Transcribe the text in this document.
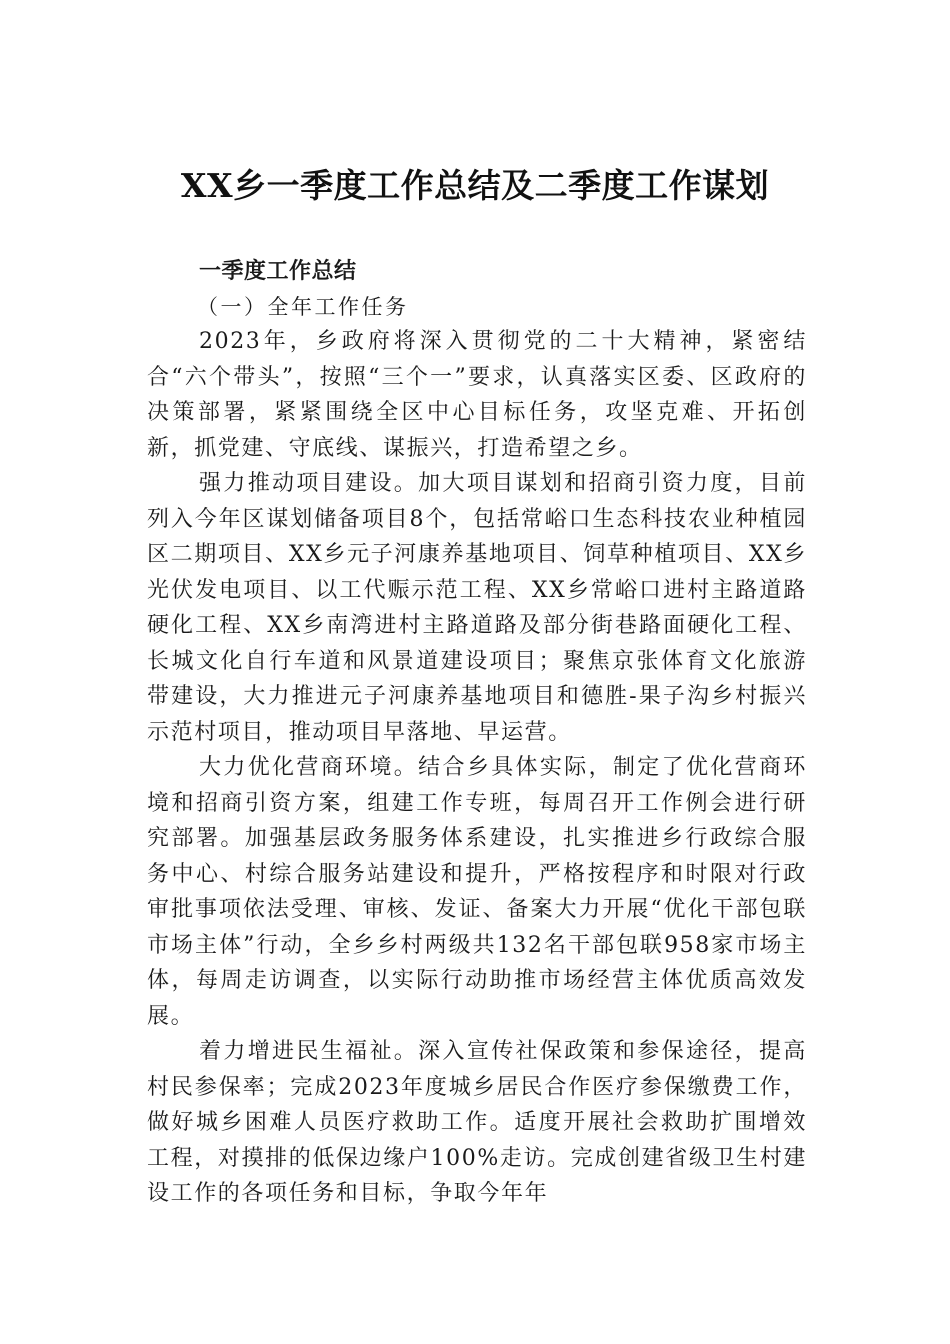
XX乡一季度工作总结及二季度工作谋划

一季度工作总结

（一）全年工作任务

2023年，乡政府将深入贯彻党的二十大精神，紧密结合“六个带头”，按照“三个一”要求，认真落实区委、区政府的决策部署，紧紧围绕全区中心目标任务，攻坚克难、开拓创新，抓党建、守底线、谋振兴，打造希望之乡。

强力推动项目建设。加大项目谋划和招商引资力度，目前列入今年区谋划储备项目8个，包括常峪口生态科技农业种植园区二期项目、XX乡元子河康养基地项目、饲草种植项目、XX乡光伏发电项目、以工代赈示范工程、XX乡常峪口进村主路道路硬化工程、XX乡南湾进村主路道路及部分街巷路面硬化工程、长城文化自行车道和风景道建设项目；聚焦京张体育文化旅游带建设，大力推进元子河康养基地项目和德胜-果子沟乡村振兴示范村项目，推动项目早落地、早运营。

大力优化营商环境。结合乡具体实际，制定了优化营商环境和招商引资方案，组建工作专班，每周召开工作例会进行研究部署。加强基层政务服务体系建设，扎实推进乡行政综合服务中心、村综合服务站建设和提升，严格按程序和时限对行政审批事项依法受理、审核、发证、备案大力开展“优化干部包联市场主体”行动，全乡乡村两级共132名干部包联958家市场主体，每周走访调查，以实际行动助推市场经营主体优质高效发展。

着力增进民生福祉。深入宣传社保政策和参保途径，提高村民参保率；完成2023年度城乡居民合作医疗参保缴费工作，做好城乡困难人员医疗救助工作。适度开展社会救助扩围增效工程，对摸排的低保边缘户100%走访。完成创建省级卫生村建设工作的各项任务和目标，争取今年年
